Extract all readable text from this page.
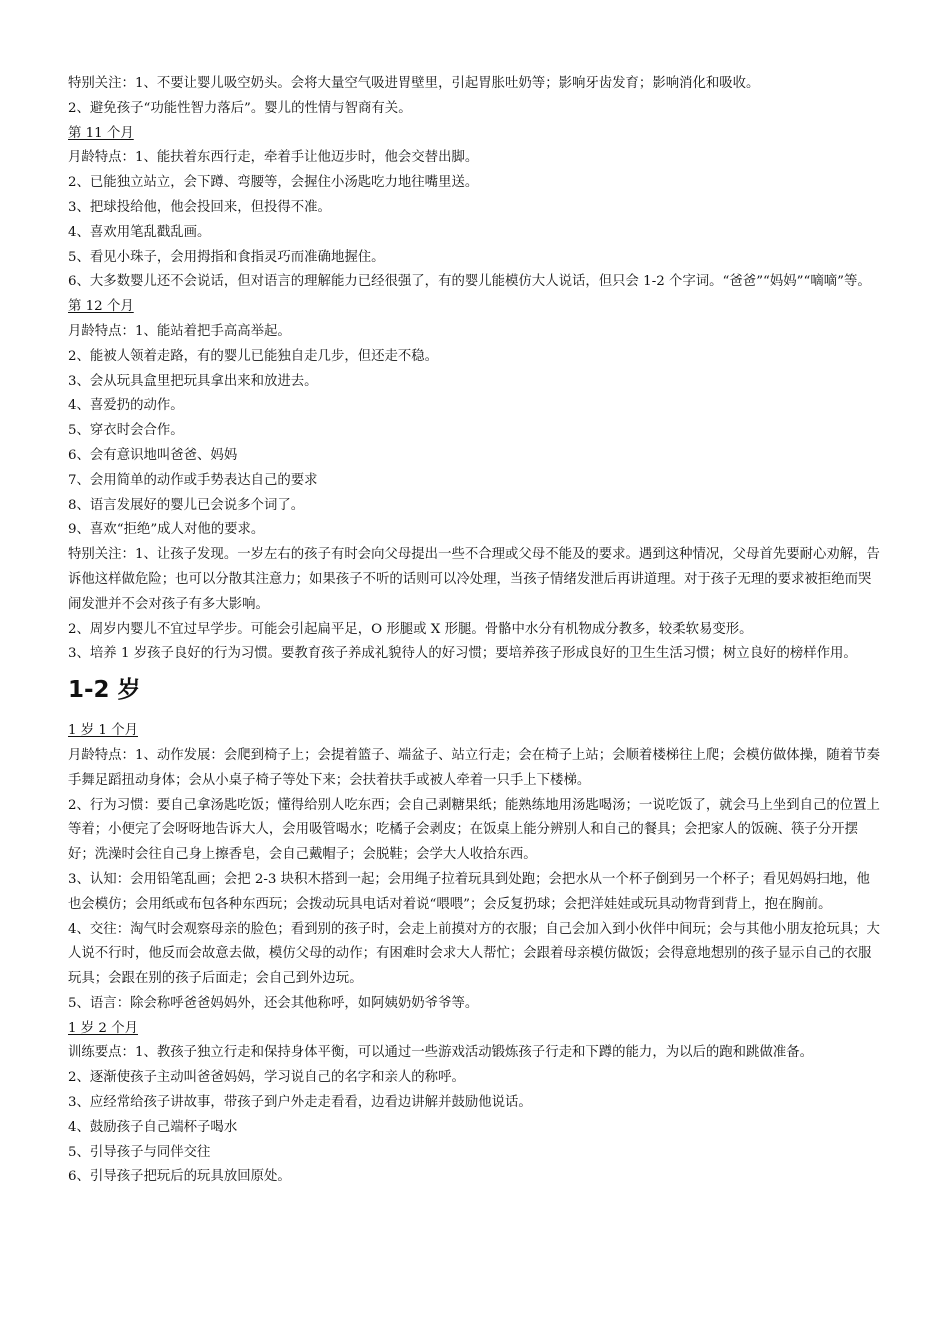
特别关注：1、不要让婴儿吸空奶头。会将大量空气吸进胃壁里，引起胃胀吐奶等；影响牙齿发育；影响消化和吸收。
2、避免孩子“功能性智力落后”。婴儿的性情与智商有关。
第 11 个月
月龄特点：1、能扶着东西行走，牵着手让他迈步时，他会交替出脚。
2、已能独立站立，会下蹲、弯腰等，会握住小汤匙吃力地往嘴里送。
3、把球投给他，他会投回来，但投得不准。
4、喜欢用笔乱戳乱画。
5、看见小珠子，会用拇指和食指灵巧而准确地握住。
6、大多数婴儿还不会说话，但对语言的理解能力已经很强了，有的婴儿能模仿大人说话，但只会 1-2 个字词。“爸爸”“妈妈”“嘀嘀”等。
第 12 个月
月龄特点：1、能站着把手高高举起。
2、能被人领着走路，有的婴儿已能独自走几步，但还走不稳。
3、会从玩具盒里把玩具拿出来和放进去。
4、喜爱扔的动作。
5、穿衣时会合作。
6、会有意识地叫爸爸、妈妈
7、会用简单的动作或手势表达自己的要求
8、语言发展好的婴儿已会说多个词了。
9、喜欢“拒绝”成人对他的要求。
特别关注：1、让孩子发现。一岁左右的孩子有时会向父母提出一些不合理或父母不能及的要求。遇到这种情况，父母首先要耐心劝解，告诉他这样做危险；也可以分散其注意力；如果孩子不听的话则可以冷处理，当孩子情绪发泄后再讲道理。对于孩子无理的要求被拒绝而哭闹发泄并不会对孩子有多大影响。
2、周岁内婴儿不宜过早学步。可能会引起扁平足，O 形腿或 X 形腿。骨骼中水分有机物成分教多，较柔软易变形。
3、培养 1 岁孩子良好的行为习惯。要教育孩子养成礼貌待人的好习惯；要培养孩子形成良好的卫生生活习惯；树立良好的榜样作用。
1-2 岁
1 岁 1 个月
月龄特点：1、动作发展：会爬到椅子上；会提着篮子、端盆子、站立行走；会在椅子上站；会顺着楼梯往上爬；会模仿做体操，随着节奏手舞足蹈扭动身体；会从小桌子椅子等处下来；会扶着扶手或被人牵着一只手上下楼梯。
2、行为习惯：要自己拿汤匙吃饭；懂得给别人吃东西；会自己剥糖果纸；能熟练地用汤匙喝汤；一说吃饭了，就会马上坐到自己的位置上等着；小便完了会呀呀地告诉大人，会用吸管喝水；吃橘子会剥皮；在饭桌上能分辨别人和自己的餐具；会把家人的饭碗、筷子分开摆好；洗澡时会往自己身上擦香皂，会自己戴帽子；会脱鞋；会学大人收拾东西。
3、认知：会用铅笔乱画；会把 2-3 块积木搭到一起；会用绳子拉着玩具到处跑；会把水从一个杯子倒到另一个杯子；看见妈妈扫地，他也会模仿；会用纸或布包各种东西玩；会拨动玩具电话对着说“喂喂”；会反复扔球；会把洋娃娃或玩具动物背到背上，抱在胸前。
4、交往：淘气时会观察母亲的脸色；看到别的孩子时，会走上前摸对方的衣服；自己会加入到小伙伴中间玩；会与其他小朋友抢玩具；大人说不行时，他反而会故意去做，模仿父母的动作；有困难时会求大人帮忙；会跟着母亲模仿做饭；会得意地想别的孩子显示自己的衣服玩具；会跟在别的孩子后面走；会自己到外边玩。
5、语言：除会称呼爸爸妈妈外，还会其他称呼，如阿姨奶奶爷爷等。
1 岁 2 个月
训练要点：1、教孩子独立行走和保持身体平衡，可以通过一些游戏活动锻炼孩子行走和下蹲的能力，为以后的跑和跳做准备。
2、逐渐使孩子主动叫爸爸妈妈，学习说自己的名字和亲人的称呼。
3、应经常给孩子讲故事，带孩子到户外走走看看，边看边讲解并鼓励他说话。
4、鼓励孩子自己端杯子喝水
5、引导孩子与同伴交往
6、引导孩子把玩后的玩具放回原处。
